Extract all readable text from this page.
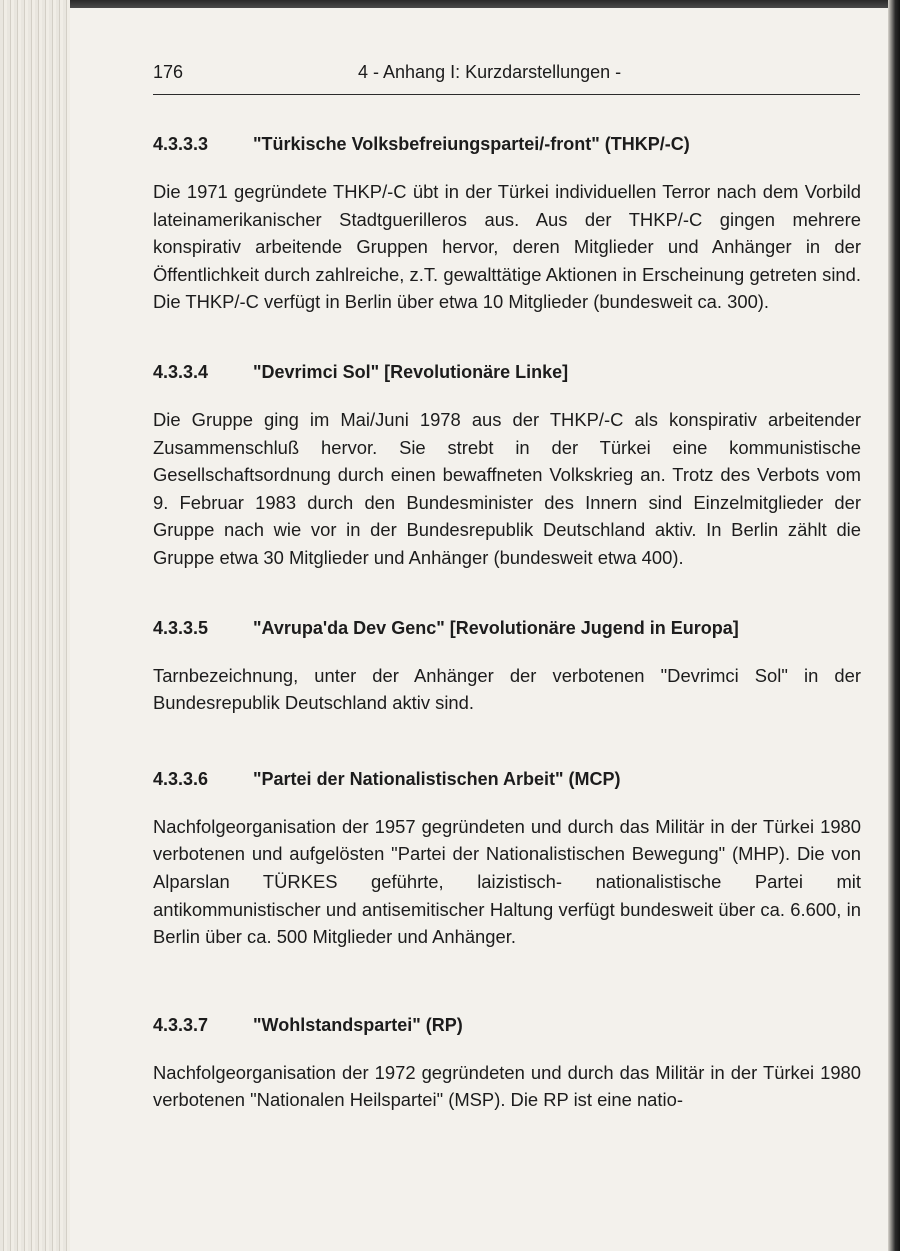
176	4 - Anhang I: Kurzdarstellungen -
4.3.3.3	"Türkische Volksbefreiungspartei/-front" (THKP/-C)

Die 1971 gegründete THKP/-C übt in der Türkei individuellen Terror nach dem Vorbild lateinamerikanischer Stadtguerilleros aus. Aus der THKP/-C gingen mehrere konspirativ arbeitende Gruppen hervor, deren Mitglieder und Anhänger in der Öffentlichkeit durch zahlreiche, z.T. gewalttätige Aktionen in Erscheinung getreten sind. Die THKP/-C verfügt in Berlin über etwa 10 Mitglieder (bundesweit ca. 300).

4.3.3.4	"Devrimci Sol" [Revolutionäre Linke]

Die Gruppe ging im Mai/Juni 1978 aus der THKP/-C als konspirativ arbeitender Zusammenschluß hervor. Sie strebt in der Türkei eine kommunistische Gesellschaftsordnung durch einen bewaffneten Volkskrieg an. Trotz des Verbots vom 9. Februar 1983 durch den Bundesminister des Innern sind Einzelmitglieder der Gruppe nach wie vor in der Bundesrepublik Deutschland aktiv. In Berlin zählt die Gruppe etwa 30 Mitglieder und Anhänger (bundesweit etwa 400).

4.3.3.5	"Avrupa'da Dev Genc" [Revolutionäre Jugend in Europa]

Tarnbezeichnung, unter der Anhänger der verbotenen "Devrimci Sol" in der Bundesrepublik Deutschland aktiv sind.

4.3.3.6	"Partei der Nationalistischen Arbeit" (MCP)

Nachfolgeorganisation der 1957 gegründeten und durch das Militär in der Türkei 1980 verbotenen und aufgelösten "Partei der Nationalistischen Bewegung" (MHP). Die von Alparslan TÜRKES geführte, laizistisch- nationalistische Partei mit antikommunistischer und antisemitischer Haltung verfügt bundesweit über ca. 6.600, in Berlin über ca. 500 Mitglieder und Anhänger.

4.3.3.7	"Wohlstandspartei" (RP)

Nachfolgeorganisation der 1972 gegründeten und durch das Militär in der Türkei 1980 verbotenen "Nationalen Heilspartei" (MSP). Die RP ist eine natio-
